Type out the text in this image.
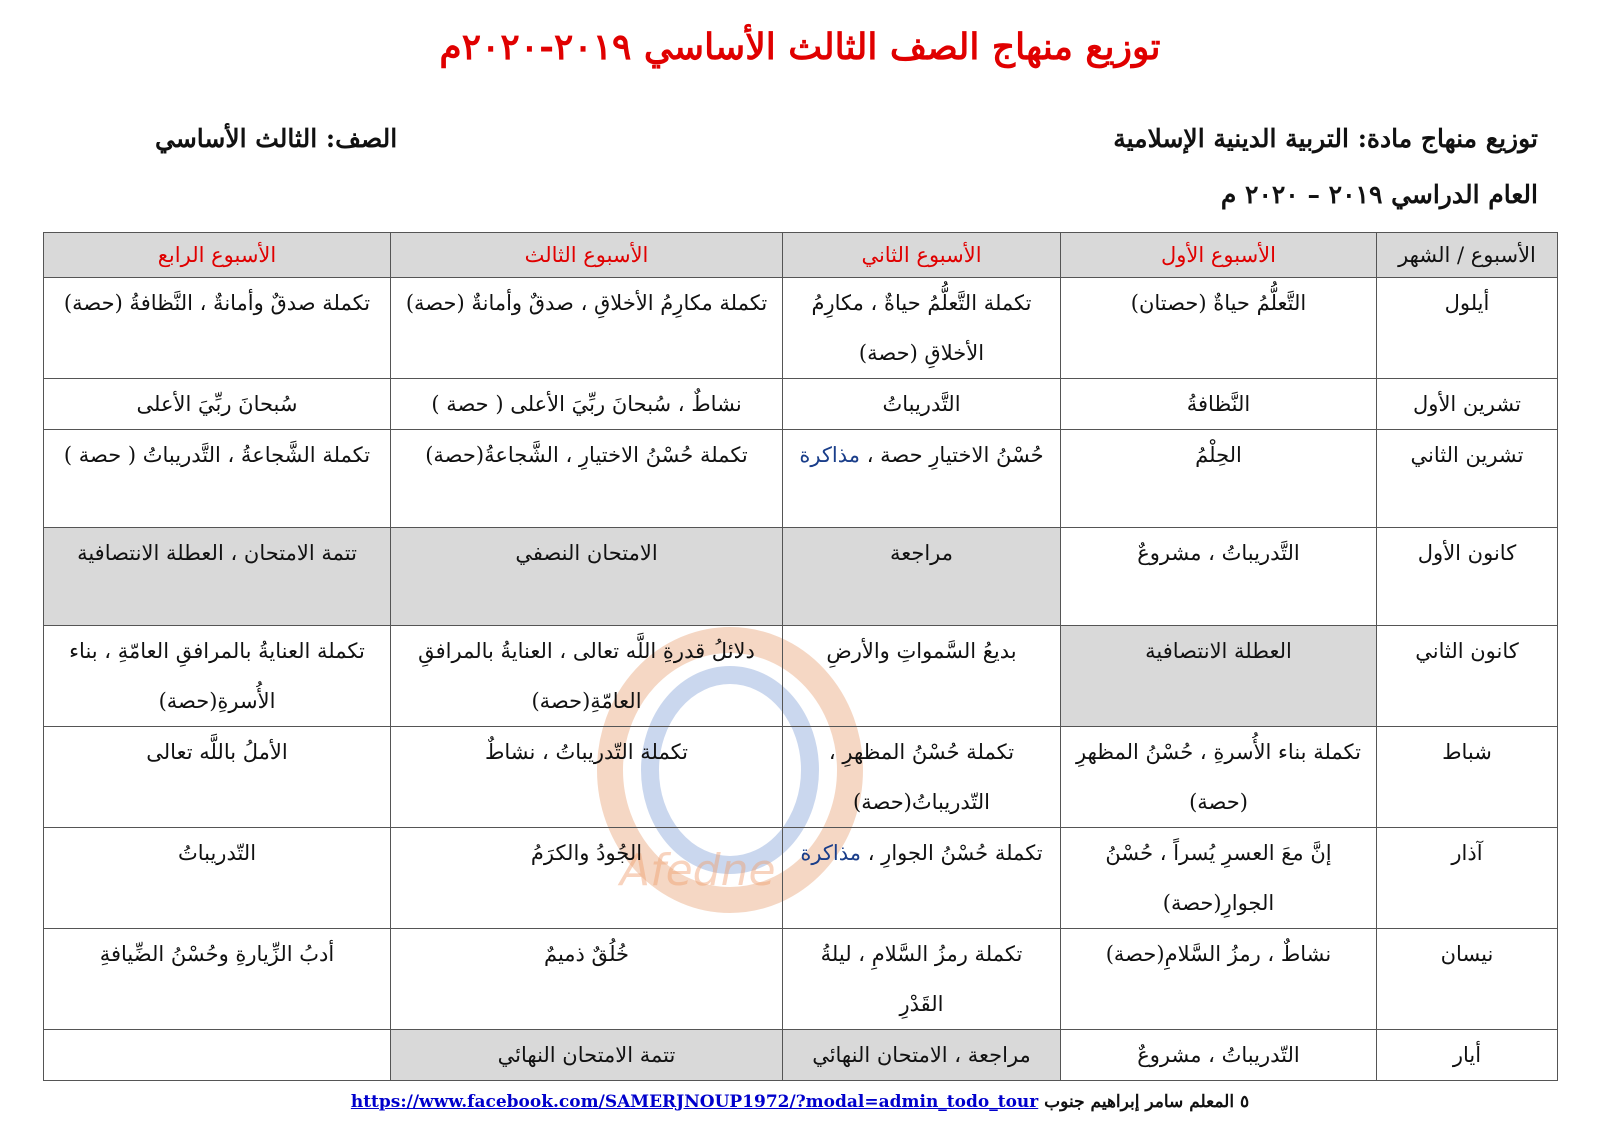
توزيع منهاج الصف الثالث الأساسي ٢٠١٩-٢٠٢٠م
توزيع منهاج مادة: التربية الدينية الإسلامية
الصف: الثالث الأساسي
العام الدراسي ٢٠١٩ – ٢٠٢٠ م
Afedne
الأسبوع / الشهر	الأسبوع الأول	الأسبوع الثاني	الأسبوع الثالث	الأسبوع الرابع
أيلول	التَّعلُّمُ حياةٌ (حصتان)	تكملة التَّعلُّمُ حياةٌ ، مكارِمُ الأخلاقِ (حصة)	تكملة مكارِمُ الأخلاقِ ، صدقٌ وأمانةٌ (حصة)	تكملة صدقٌ وأمانةٌ ، النَّظافةُ (حصة)
تشرين الأول	النَّظافةُ	التَّدريباتُ	نشاطٌ ، سُبحانَ ربِّيَ الأعلى ( حصة )	سُبحانَ ربِّيَ الأعلى
تشرين الثاني	الحِلْمُ	حُسْنُ الاختيارِ حصة ، مذاكرة	تكملة حُسْنُ الاختيارِ ، الشَّجاعةُ(حصة)	تكملة الشَّجاعةُ ، التَّدريباتُ ( حصة )
كانون الأول	التَّدريباتُ ، مشروعٌ	مراجعة	الامتحان النصفي	تتمة الامتحان ، العطلة الانتصافية
كانون الثاني	العطلة الانتصافية	بديعُ السَّمواتِ والأرضِ	دلائلُ قدرةِ اللَّه تعالى ، العنايةُ بالمرافقِ العامّةِ(حصة)	تكملة العنايةُ بالمرافقِ العامّةِ ، بناء الأُسرةِ(حصة)
شباط	تكملة بناء الأُسرةِ ، حُسْنُ المظهرِ (حصة)	تكملة حُسْنُ المظهرِ ، التّدريباتُ(حصة)	تكملة التّدريباتُ ، نشاطٌ	الأملُ باللَّه تعالى
آذار	إنَّ معَ العسرِ يُسراً ، حُسْنُ الجوارِ(حصة)	تكملة حُسْنُ الجوارِ ، مذاكرة	الجُودُ والكرَمُ	التّدريباتُ
نيسان	نشاطٌ ، رمزُ السَّلامِ(حصة)	تكملة رمزُ السَّلامِ ، ليلةُ القَدْرِ	خُلُقٌ ذميمٌ	أدبُ الزِّيارةِ وحُسْنُ الضِّيافةِ
أيار	التّدريباتُ ، مشروعٌ	مراجعة ، الامتحان النهائي	تتمة الامتحان النهائي	
https://www.facebook.com/SAMERJNOUP1972/?modal=admin_todo_tour	٥ المعلم سامر إبراهيم جنوب
